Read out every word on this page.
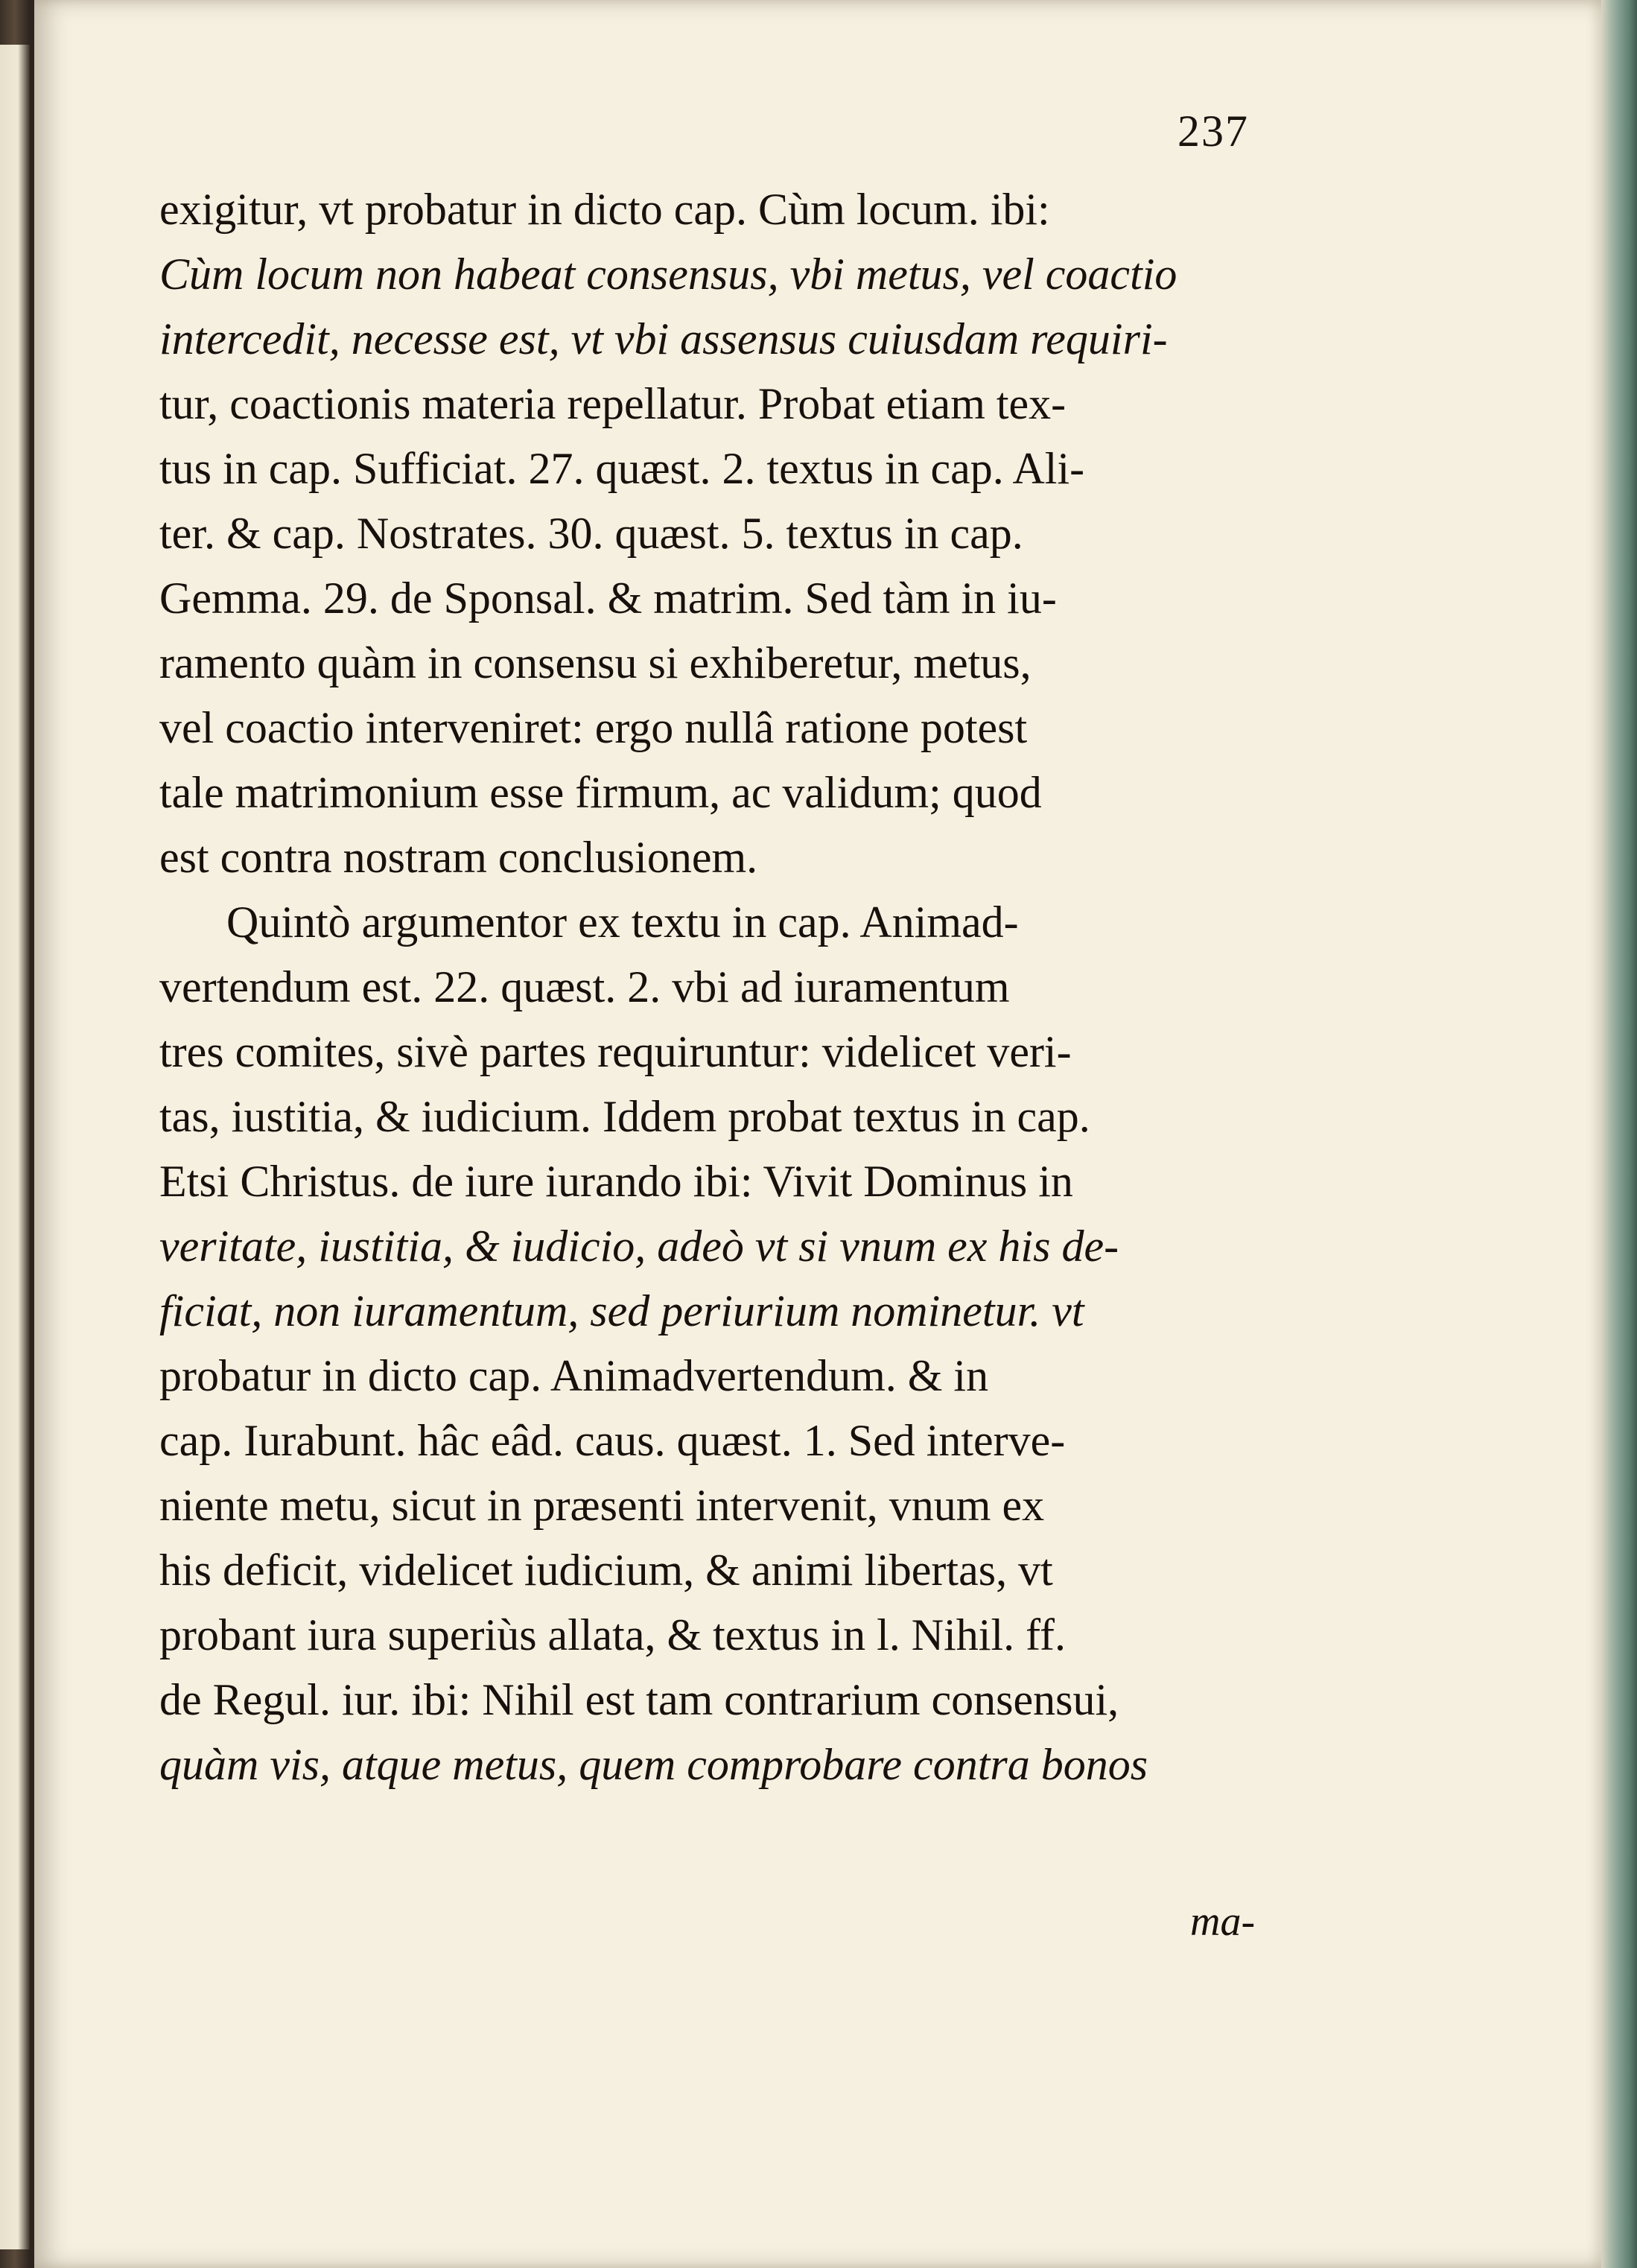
237
exigitur, vt probatur in dicto cap. Cùm locum. ibi:
Cùm locum non habeat consensus, vbi metus, vel coactio
intercedit, necesse est, vt vbi assensus cuiusdam requiri-
tur, coactionis materia repellatur. Probat etiam tex-
tus in cap. Sufficiat. 27. quæst. 2. textus in cap. Ali-
ter. & cap. Nostrates. 30. quæst. 5. textus in cap.
Gemma. 29. de Sponsal. & matrim. Sed tàm in iu-
ramento quàm in consensu si exhiberetur, metus,
vel coactio interveniret: ergo nullâ ratione potest
tale matrimonium esse firmum, ac validum; quod
est contra nostram conclusionem.
Quintò argumentor ex textu in cap. Animad-
vertendum est. 22. quæst. 2. vbi ad iuramentum
tres comites, sivè partes requiruntur: videlicet veri-
tas, iustitia, & iudicium. Iddem probat textus in cap.
Etsi Christus. de iure iurando ibi: Vivit Dominus in
veritate, iustitia, & iudicio, adeò vt si vnum ex his de-
ficiat, non iuramentum, sed periurium nominetur. vt
probatur in dicto cap. Animadvertendum. & in
cap. Iurabunt. hâc eâd. caus. quæst. 1. Sed interve-
niente metu, sicut in præsenti intervenit, vnum ex
his deficit, videlicet iudicium, & animi libertas, vt
probant iura superiùs allata, & textus in l. Nihil. ff.
de Regul. iur. ibi: Nihil est tam contrarium consensui,
quàm vis, atque metus, quem comprobare contra bonos
ma-
